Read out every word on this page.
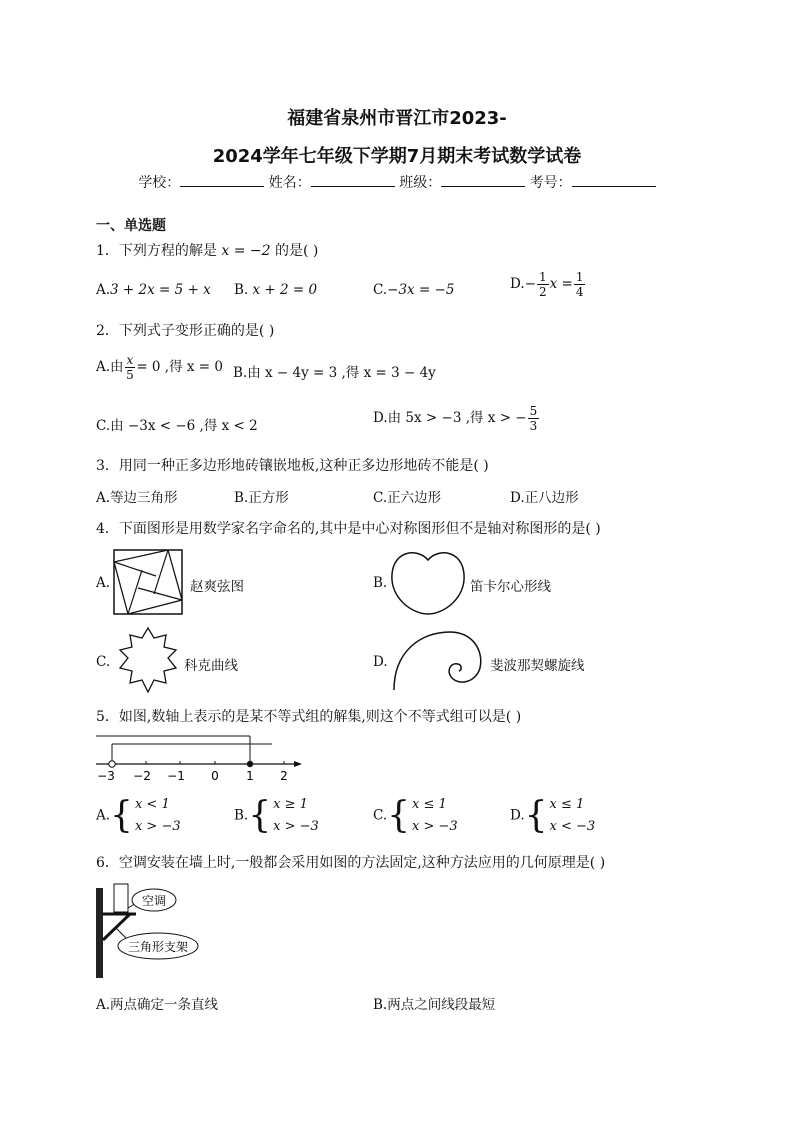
福建省泉州市晋江市2023-
2024学年七年级下学期7月期末考试数学试卷
学校：	姓名：	班级：	考号：
一、单选题
1．下列方程的解是 x = −2 的是( )
A.3 + 2x = 5 + x B. x + 2 = 0	C.−3x = −5	$D.- \frac{1}{2}$ $x = \frac{1}{4}$
2．下列式子变形正确的是( )
A.由 $\frac{x}{5} = 0$ ,得 x = 0 B.由 x − 4y = 3 ,得 x = 3 − 4y
C.由 −3x < −6 ,得 x < 2	D.由 5x > −3 ,得 x > − $\frac{5}{3}$
3．用同一种正多边形地砖镶嵌地板,这种正多边形地砖不能是( )
A.等边三角形	B.正方形	C.正六边形	D.正八边形
4．下面图形是用数学家名字命名的,其中是中心对称图形但不是轴对称图形的是( )
A.	赵爽弦图	B.	笛卡尔心形线
C.	科克曲线	D.	斐波那契螺旋线
5．如图,数轴上表示的是某不等式组的解集,则这个不等式组可以是( )
−3 −2 −1 0 1 2
A. { x < 1
x > −3
B. { x ≥ 1
x > −3
C. { x ≤ 1
x > −3
D. { x ≤ 1
x < −3
6．空调安装在墙上时,一般都会采用如图的方法固定,这种方法应用的几何原理是( )
空调
三角形支架
A.两点确定一条直线	B.两点之间线段最短
